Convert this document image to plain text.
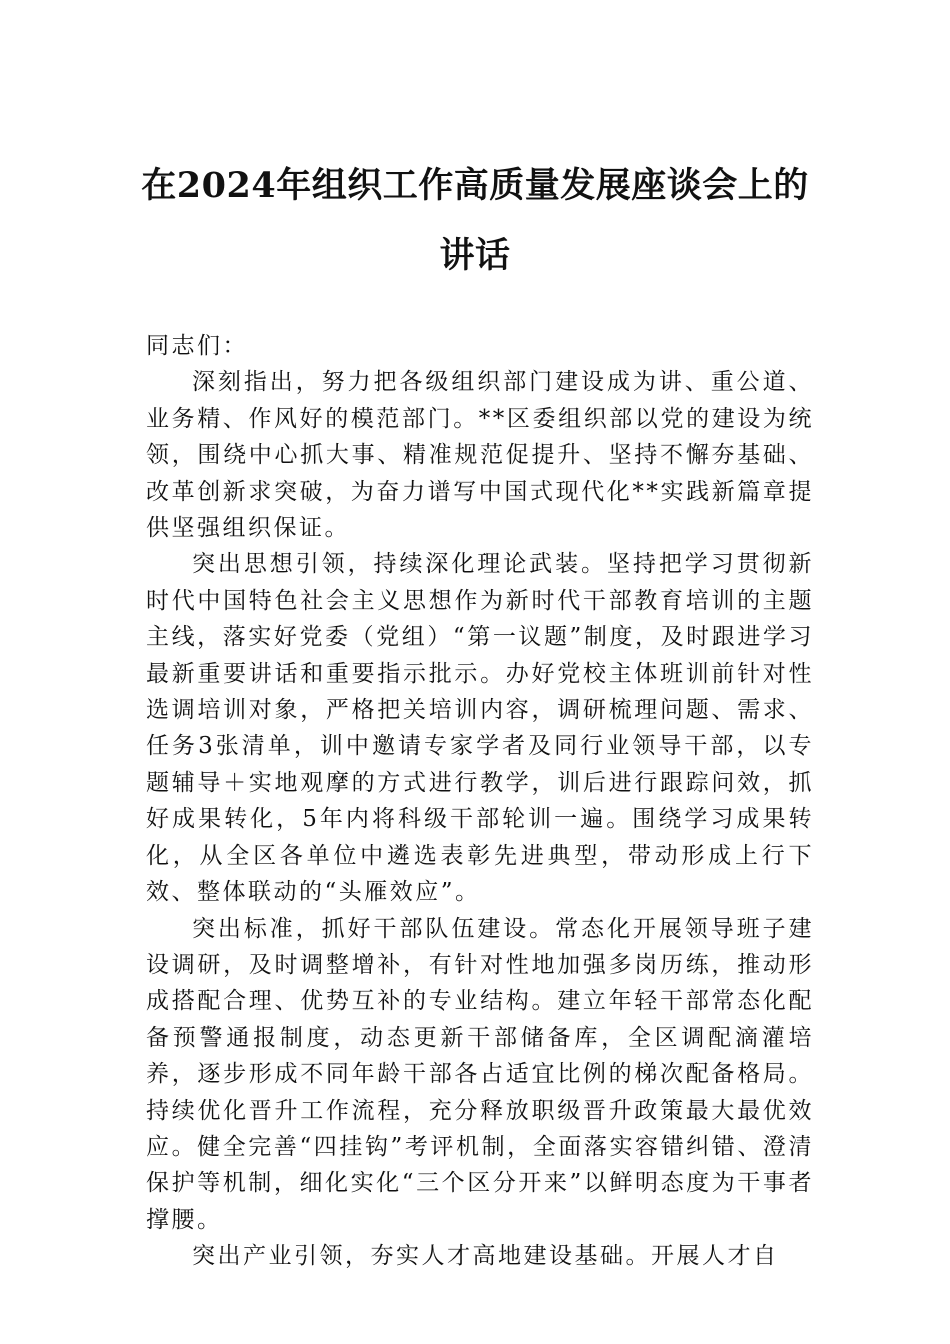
在2024年组织工作高质量发展座谈会上的
讲话

同志们：

深刻指出，努力把各级组织部门建设成为讲、重公道、业务精、作风好的模范部门。**区委组织部以党的建设为统领，围绕中心抓大事、精准规范促提升、坚持不懈夯基础、改革创新求突破，为奋力谱写中国式现代化**实践新篇章提供坚强组织保证。

突出思想引领，持续深化理论武装。坚持把学习贯彻新时代中国特色社会主义思想作为新时代干部教育培训的主题主线，落实好党委（党组）“第一议题”制度，及时跟进学习最新重要讲话和重要指示批示。办好党校主体班训前针对性选调培训对象，严格把关培训内容，调研梳理问题、需求、任务3张清单，训中邀请专家学者及同行业领导干部，以专题辅导＋实地观摩的方式进行教学，训后进行跟踪问效，抓好成果转化，5年内将科级干部轮训一遍。围绕学习成果转化，从全区各单位中遴选表彰先进典型，带动形成上行下效、整体联动的“头雁效应”。

突出标准，抓好干部队伍建设。常态化开展领导班子建设调研，及时调整增补，有针对性地加强多岗历练，推动形成搭配合理、优势互补的专业结构。建立年轻干部常态化配备预警通报制度，动态更新干部储备库，全区调配滴灌培养，逐步形成不同年龄干部各占适宜比例的梯次配备格局。持续优化晋升工作流程，充分释放职级晋升政策最大最优效应。健全完善“四挂钩”考评机制，全面落实容错纠错、澄清保护等机制，细化实化“三个区分开来”以鲜明态度为干事者撑腰。

突出产业引领，夯实人才高地建设基础。开展人才自
